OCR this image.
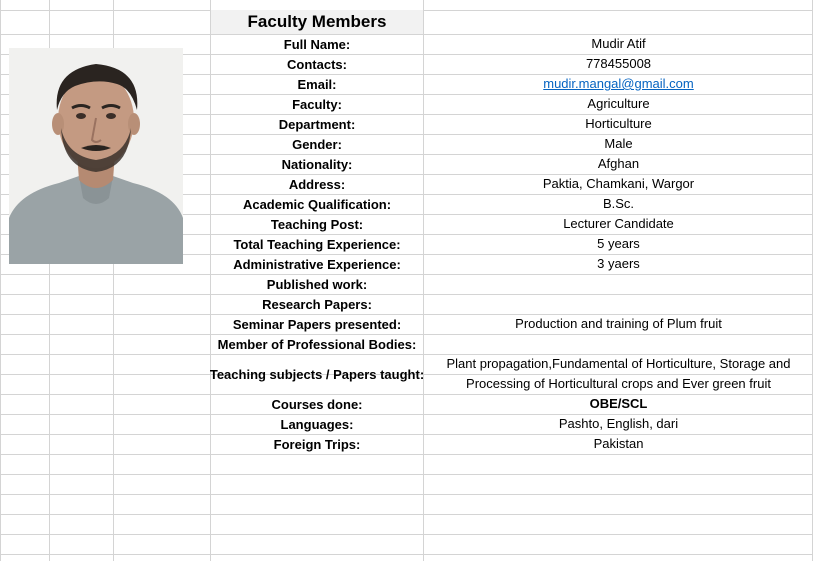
Faculty Members
Full Name:	Mudir Atif
Contacts:	778455008
Email:	mudir.mangal@gmail.com
Faculty:	Agriculture
Department:	Horticulture
Gender:	Male
Nationality:	Afghan
Address:	Paktia, Chamkani, Wargor
Academic Qualification:	B.Sc.
Teaching Post:	Lecturer Candidate
Total Teaching Experience:	5 years
Administrative Experience:	3 yaers
Published work:
Research Papers:
Seminar Papers presented:	Production and training of Plum fruit
Member of Professional Bodies:
Teaching subjects / Papers taught:
Plant propagation,Fundamental of Horticulture, Storage and Processing of Horticultural crops and Ever green fruit
Courses done:	OBE/SCL
Languages:	Pashto, English, dari
Foreign Trips:	Pakistan
